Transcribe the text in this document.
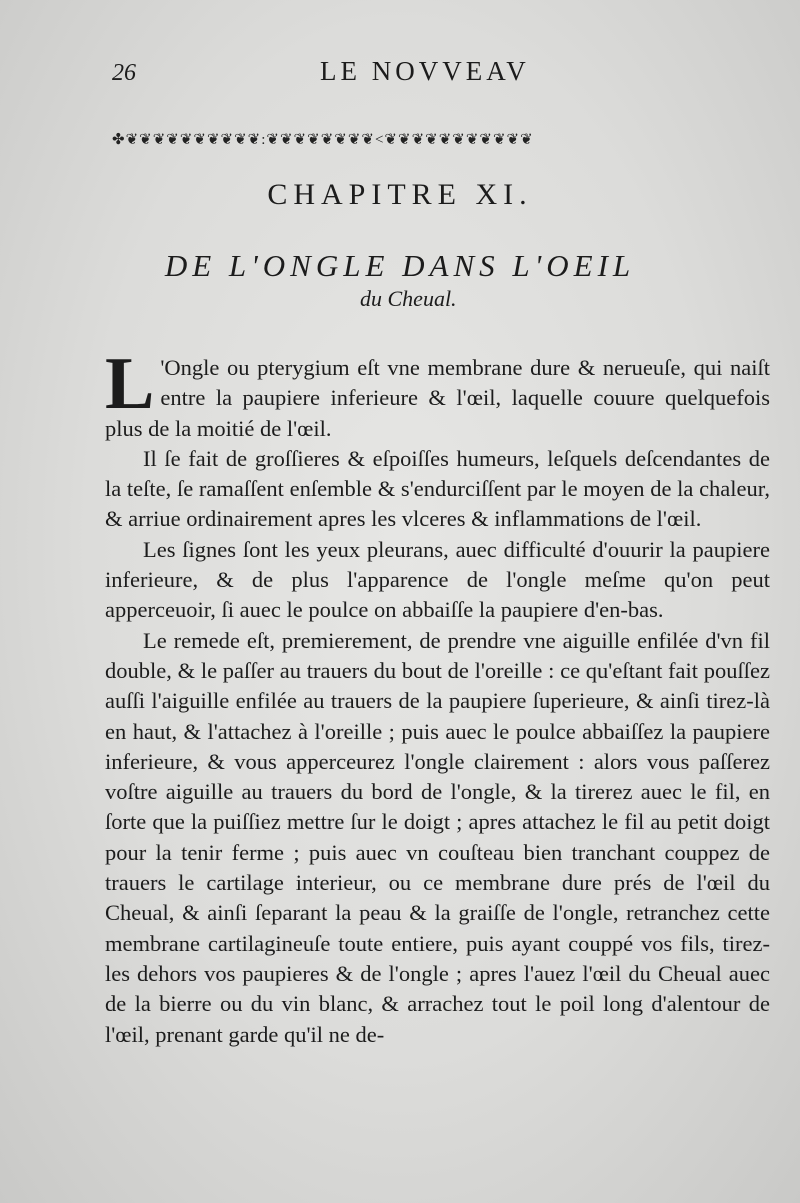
26	LE NOVVEAV
✤❦❦❦❦❦❦❦❦❦❦:❦❦❦❦❦❦❦❦<❦❦❦❦❦❦❦❦❦❦❦
CHAPITRE XI.
DE L'ONGLE DANS L'OEIL
du Cheual.

L 'Ongle ou pterygium eſt vne membrane dure & nerueuſe, qui naiſt entre la paupiere inferieure & l'œil, laquelle couure quelquefois plus de la moitié de l'œil.

Il ſe fait de groſſieres & eſpoiſſes humeurs, leſquels deſcendantes de la teſte, ſe ramaſſent enſemble & s'endurciſſent par le moyen de la chaleur, & arriue ordinairement apres les vlceres & inflammations de l'œil.

Les ſignes ſont les yeux pleurans, auec difficulté d'ouurir la paupiere inferieure, & de plus l'apparence de l'ongle meſme qu'on peut apperceuoir, ſi auec le poulce on abbaiſſe la paupiere d'en-bas.

Le remede eſt, premierement, de prendre vne aiguille enfilée d'vn fil double, & le paſſer au trauers du bout de l'oreille : ce qu'eſtant fait pouſſez auſſi l'aiguille enfilée au trauers de la paupiere ſuperieure, & ainſi tirez-là en haut, & l'attachez à l'oreille ; puis auec le poulce abbaiſſez la paupiere inferieure, & vous apperceurez l'ongle clairement : alors vous paſſerez voſtre aiguille au trauers du bord de l'ongle, & la tirerez auec le fil, en ſorte que la puiſſiez mettre ſur le doigt ; apres attachez le fil au petit doigt pour la tenir ferme ; puis auec vn couſteau bien tranchant couppez de trauers le cartilage interieur, ou ce membrane dure prés de l'œil du Cheual, & ainſi ſeparant la peau & la graiſſe de l'ongle, retranchez cette membrane cartilagineuſe toute entiere, puis ayant couppé vos fils, tirez-les dehors vos paupieres & de l'ongle ; apres l'auez l'œil du Cheual auec de la bierre ou du vin blanc, & arrachez tout le poil long d'alentour de l'œil, prenant garde qu'il ne de-
